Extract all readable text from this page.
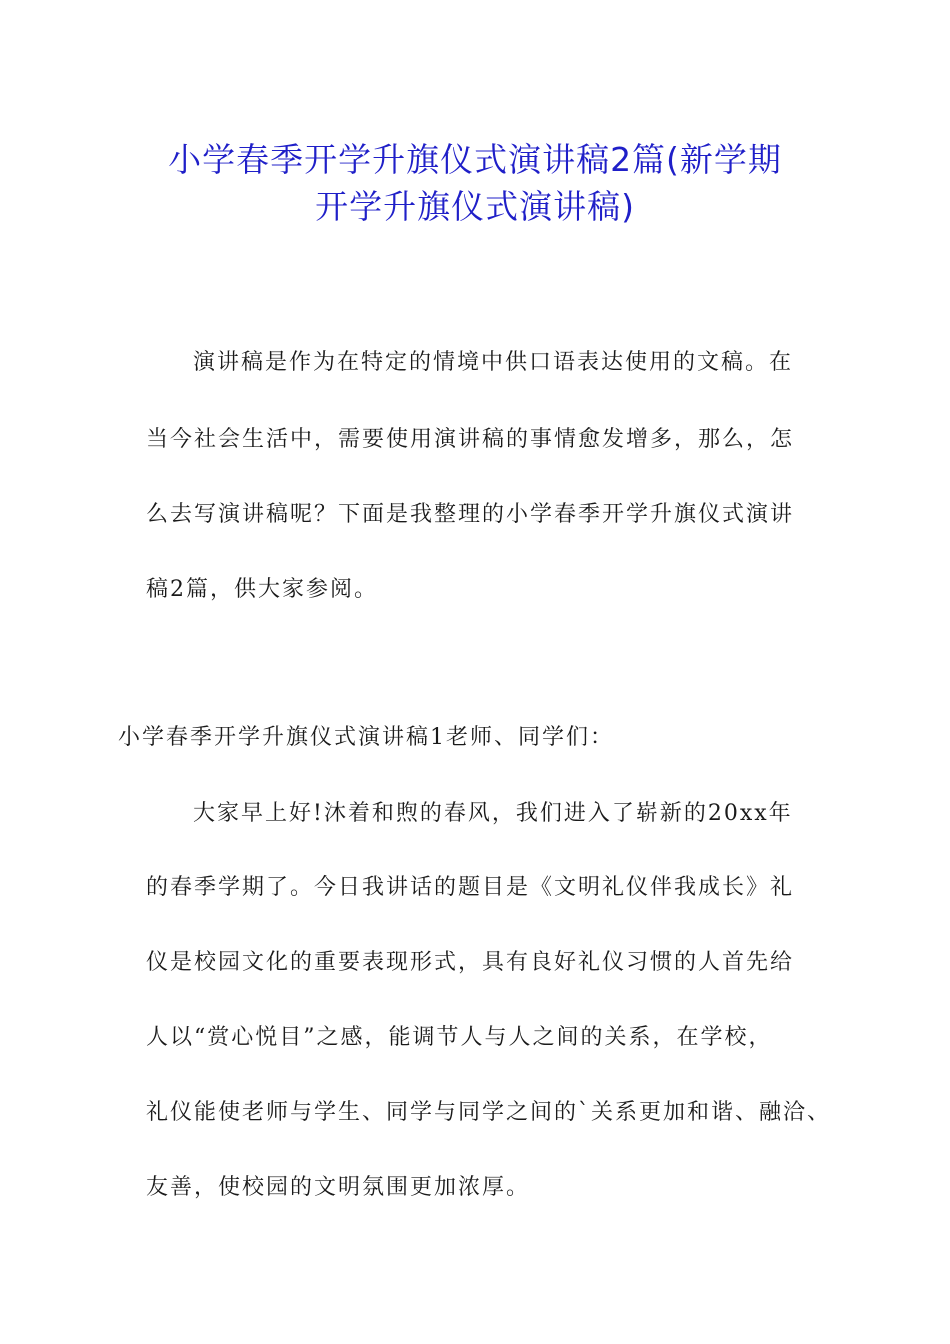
小学春季开学升旗仪式演讲稿2篇(新学期
开学升旗仪式演讲稿)

演讲稿是作为在特定的情境中供口语表达使用的文稿。在

当今社会生活中，需要使用演讲稿的事情愈发增多，那么，怎

么去写演讲稿呢？下面是我整理的小学春季开学升旗仪式演讲

稿2篇，供大家参阅。

小学春季开学升旗仪式演讲稿1老师、同学们：

大家早上好!沐着和煦的春风，我们进入了崭新的20xx年

的春季学期了。今日我讲话的题目是《文明礼仪伴我成长》礼

仪是校园文化的重要表现形式，具有良好礼仪习惯的人首先给

人以“赏心悦目”之感，能调节人与人之间的关系，在学校，

礼仪能使老师与学生、同学与同学之间的`关系更加和谐、融洽、

友善，使校园的文明氛围更加浓厚。
